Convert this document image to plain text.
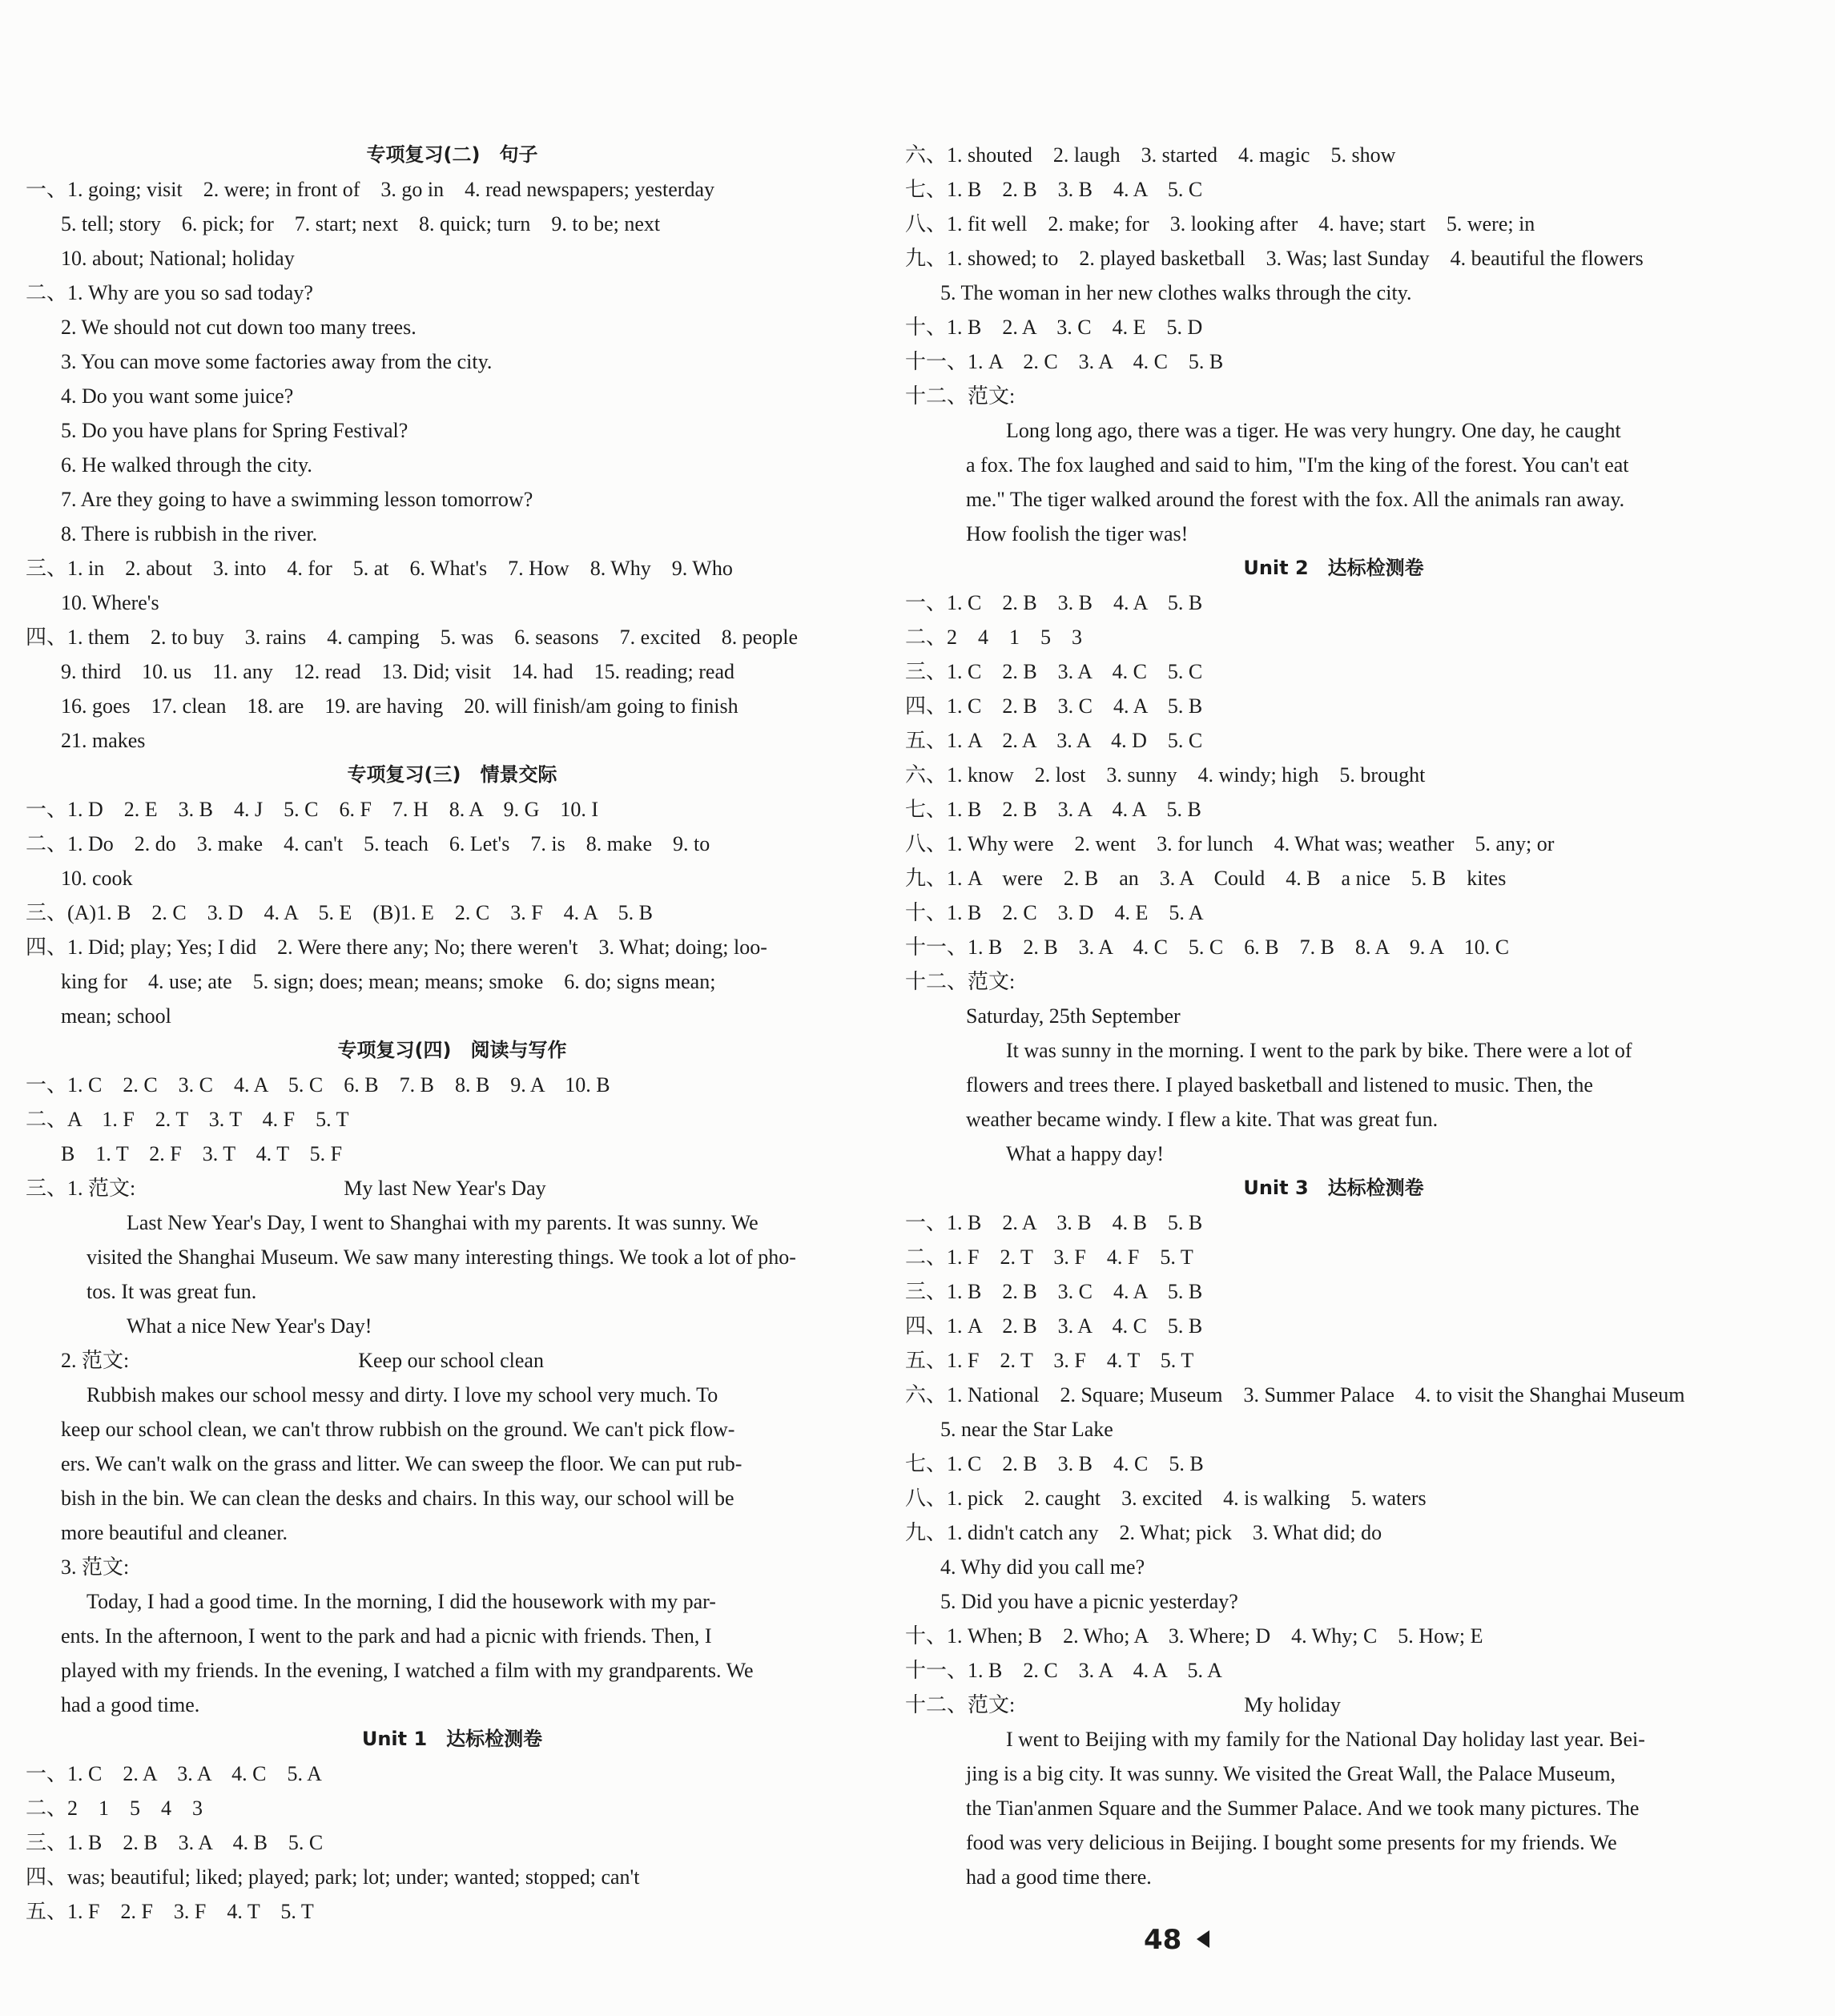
专项复习(二)　句子
一、1. going; visit　2. were; in front of　3. go in　4. read newspapers; yesterday
5. tell; story　6. pick; for　7. start; next　8. quick; turn　9. to be; next
10. about; National; holiday
二、1. Why are you so sad today?
2. We should not cut down too many trees.
3. You can move some factories away from the city.
4. Do you want some juice?
5. Do you have plans for Spring Festival?
6. He walked through the city.
7. Are they going to have a swimming lesson tomorrow?
8. There is rubbish in the river.
三、1. in　2. about　3. into　4. for　5. at　6. What's　7. How　8. Why　9. Who
10. Where's
四、1. them　2. to buy　3. rains　4. camping　5. was　6. seasons　7. excited　8. people
9. third　10. us　11. any　12. read　13. Did; visit　14. had　15. reading; read
16. goes　17. clean　18. are　19. are having　20. will finish/am going to finish
21. makes
专项复习(三)　情景交际
一、1. D　2. E　3. B　4. J　5. C　6. F　7. H　8. A　9. G　10. I
二、1. Do　2. do　3. make　4. can't　5. teach　6. Let's　7. is　8. make　9. to
10. cook
三、(A)1. B　2. C　3. D　4. A　5. E　(B)1. E　2. C　3. F　4. A　5. B
四、1. Did; play; Yes; I did　2. Were there any; No; there weren't　3. What; doing; loo-
king for　4. use; ate　5. sign; does; mean; means; smoke　6. do; signs mean;
mean; school
专项复习(四)　阅读与写作
一、1. C　2. C　3. C　4. A　5. C　6. B　7. B　8. B　9. A　10. B
二、A　1. F　2. T　3. T　4. F　5. T
B　1. T　2. F　3. T　4. T　5. F
三、1. 范文:　　　　　　　　　　My last New Year's Day
Last New Year's Day, I went to Shanghai with my parents. It was sunny. We
visited the Shanghai Museum. We saw many interesting things. We took a lot of pho-
tos. It was great fun.
What a nice New Year's Day!
2. 范文:　　　　　　　　　　　Keep our school clean
Rubbish makes our school messy and dirty. I love my school very much. To
keep our school clean, we can't throw rubbish on the ground. We can't pick flow-
ers. We can't walk on the grass and litter. We can sweep the floor. We can put rub-
bish in the bin. We can clean the desks and chairs. In this way, our school will be
more beautiful and cleaner.
3. 范文:
Today, I had a good time. In the morning, I did the housework with my par-
ents. In the afternoon, I went to the park and had a picnic with friends. Then, I
played with my friends. In the evening, I watched a film with my grandparents. We
had a good time.
Unit 1　达标检测卷
一、1. C　2. A　3. A　4. C　5. A
二、2　1　5　4　3
三、1. B　2. B　3. A　4. B　5. C
四、was; beautiful; liked; played; park; lot; under; wanted; stopped; can't
五、1. F　2. F　3. F　4. T　5. T
六、1. shouted　2. laugh　3. started　4. magic　5. show
七、1. B　2. B　3. B　4. A　5. C
八、1. fit well　2. make; for　3. looking after　4. have; start　5. were; in
九、1. showed; to　2. played basketball　3. Was; last Sunday　4. beautiful the flowers
5. The woman in her new clothes walks through the city.
十、1. B　2. A　3. C　4. E　5. D
十一、1. A　2. C　3. A　4. C　5. B
十二、范文:
Long long ago, there was a tiger. He was very hungry. One day, he caught
a fox. The fox laughed and said to him, "I'm the king of the forest. You can't eat
me." The tiger walked around the forest with the fox. All the animals ran away.
How foolish the tiger was!
Unit 2　达标检测卷
一、1. C　2. B　3. B　4. A　5. B
二、2　4　1　5　3
三、1. C　2. B　3. A　4. C　5. C
四、1. C　2. B　3. C　4. A　5. B
五、1. A　2. A　3. A　4. D　5. C
六、1. know　2. lost　3. sunny　4. windy; high　5. brought
七、1. B　2. B　3. A　4. A　5. B
八、1. Why were　2. went　3. for lunch　4. What was; weather　5. any; or
九、1. A　were　2. B　an　3. A　Could　4. B　a nice　5. B　kites
十、1. B　2. C　3. D　4. E　5. A
十一、1. B　2. B　3. A　4. C　5. C　6. B　7. B　8. A　9. A　10. C
十二、范文:
Saturday, 25th September
It was sunny in the morning. I went to the park by bike. There were a lot of
flowers and trees there. I played basketball and listened to music. Then, the
weather became windy. I flew a kite. That was great fun.
What a happy day!
Unit 3　达标检测卷
一、1. B　2. A　3. B　4. B　5. B
二、1. F　2. T　3. F　4. F　5. T
三、1. B　2. B　3. C　4. A　5. B
四、1. A　2. B　3. A　4. C　5. B
五、1. F　2. T　3. F　4. T　5. T
六、1. National　2. Square; Museum　3. Summer Palace　4. to visit the Shanghai Museum
5. near the Star Lake
七、1. C　2. B　3. B　4. C　5. B
八、1. pick　2. caught　3. excited　4. is walking　5. waters
九、1. didn't catch any　2. What; pick　3. What did; do
4. Why did you call me?
5. Did you have a picnic yesterday?
十、1. When; B　2. Who; A　3. Where; D　4. Why; C　5. How; E
十一、1. B　2. C　3. A　4. A　5. A
十二、范文:　　　　　　　　　　　My holiday
I went to Beijing with my family for the National Day holiday last year. Bei-
jing is a big city. It was sunny. We visited the Great Wall, the Palace Museum,
the Tian'anmen Square and the Summer Palace. And we took many pictures. The
food was very delicious in Beijing. I bought some presents for my friends. We
had a good time there.
48
